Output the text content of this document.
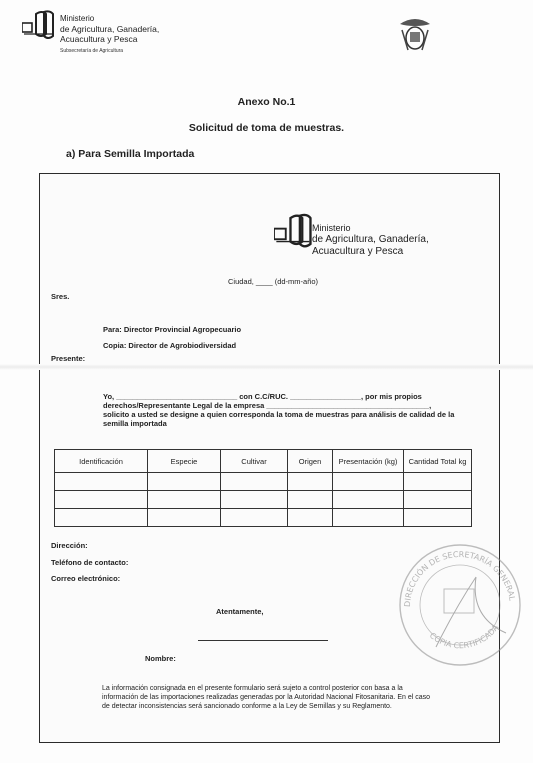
Ministerio
de Agricultura, Ganadería,
Acuacultura y Pesca
Subsecretaría de Agricultura
Anexo No.1
Solicitud de toma de muestras.
a) Para Semilla Importada
Ministerio
de Agricultura, Ganadería,
Acuacultura y Pesca
Ciudad, ____ (dd-mm-año)
Sres.
Para: Director Provincial Agropecuario
Copia: Director de Agrobiodiversidad
Presente:
Yo, _____________________________ con C.C/RUC. _________________, por mis propios
derechos/Representante Legal de la empresa _______________________________________,
solicito a usted se designe a quien corresponda la toma de muestras para análisis de calidad de la
semilla importada
Identificación	Especie	Cultivar	Origen	Presentación (kg)	Cantidad Total kg

Dirección:
Teléfono de contacto:
Correo electrónico:
Atentamente,
Nombre:
La información consignada en el presente formulario será sujeto a control posterior con basa a la
información de las importaciones realizadas generadas por la Autoridad Nacional Fitosanitaria. En el caso
de detectar inconsistencias será sancionado conforme a la Ley de Semillas y su Reglamento.
DIRECCIÓN DE SECRETARÍA GENERAL
COPIA CERTIFICADA
